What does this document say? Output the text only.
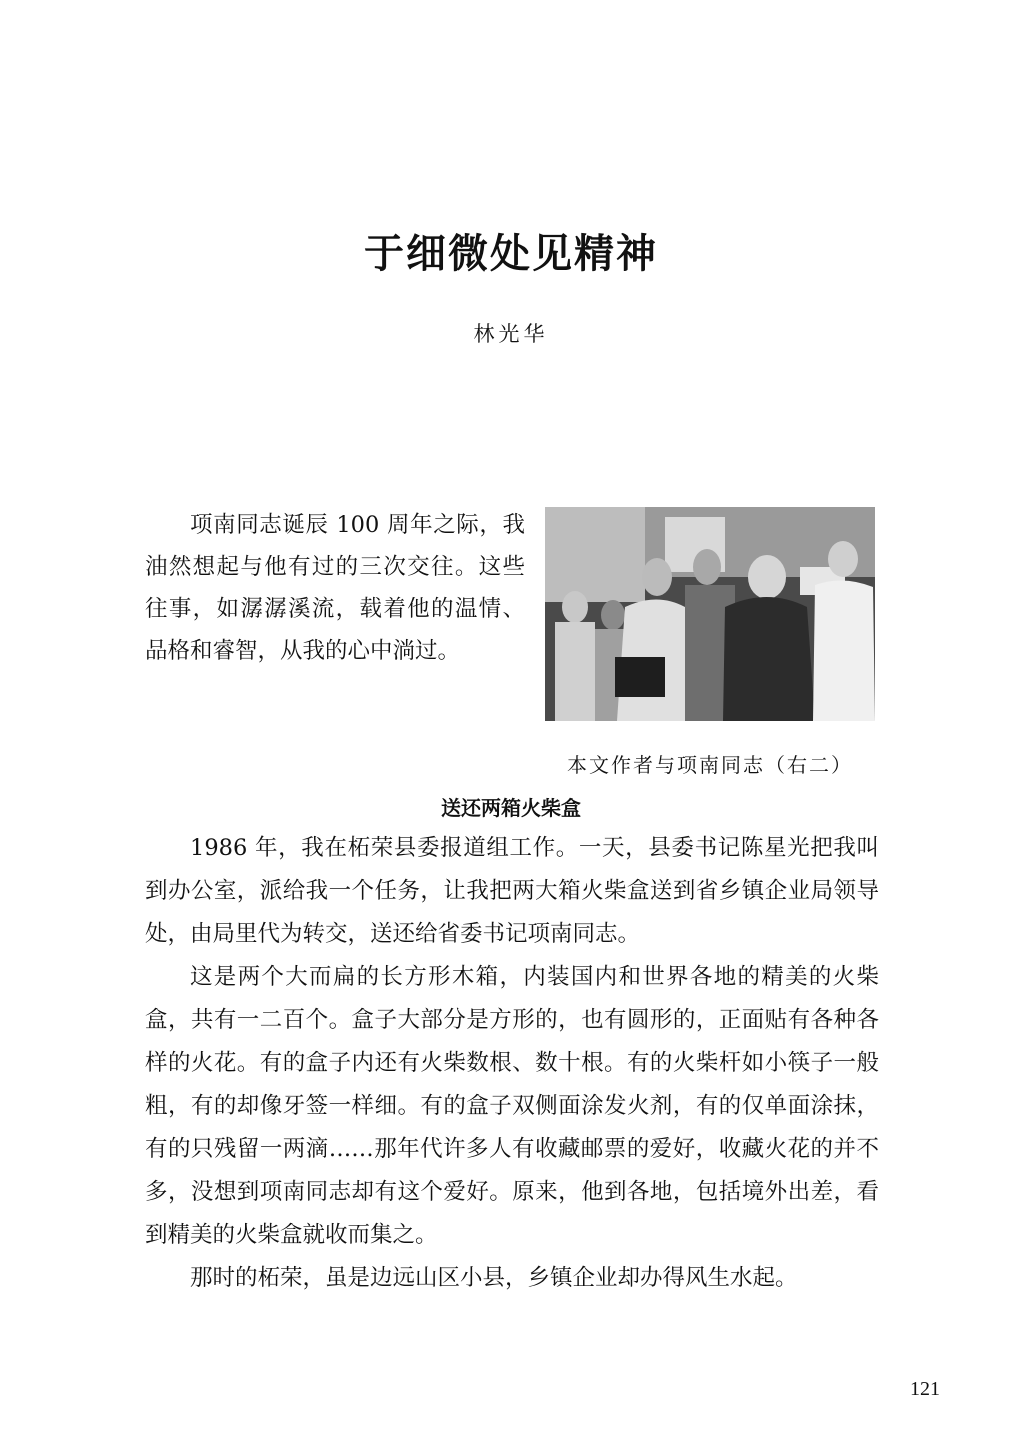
于细微处见精神
林光华

项南同志诞辰 100 周年之际，我油然想起与他有过的三次交往。这些往事，如潺潺溪流，载着他的温情、品格和睿智，从我的心中淌过。

本文作者与项南同志（右二）
送还两箱火柴盒

1986 年，我在柘荣县委报道组工作。一天，县委书记陈星光把我叫到办公室，派给我一个任务，让我把两大箱火柴盒送到省乡镇企业局领导处，由局里代为转交，送还给省委书记项南同志。

这是两个大而扁的长方形木箱，内装国内和世界各地的精美的火柴盒，共有一二百个。盒子大部分是方形的，也有圆形的，正面贴有各种各样的火花。有的盒子内还有火柴数根、数十根。有的火柴杆如小筷子一般粗，有的却像牙签一样细。有的盒子双侧面涂发火剂，有的仅单面涂抹，有的只残留一两滴……那年代许多人有收藏邮票的爱好，收藏火花的并不多，没想到项南同志却有这个爱好。原来，他到各地，包括境外出差，看到精美的火柴盒就收而集之。

那时的柘荣，虽是边远山区小县，乡镇企业却办得风生水起。

121
